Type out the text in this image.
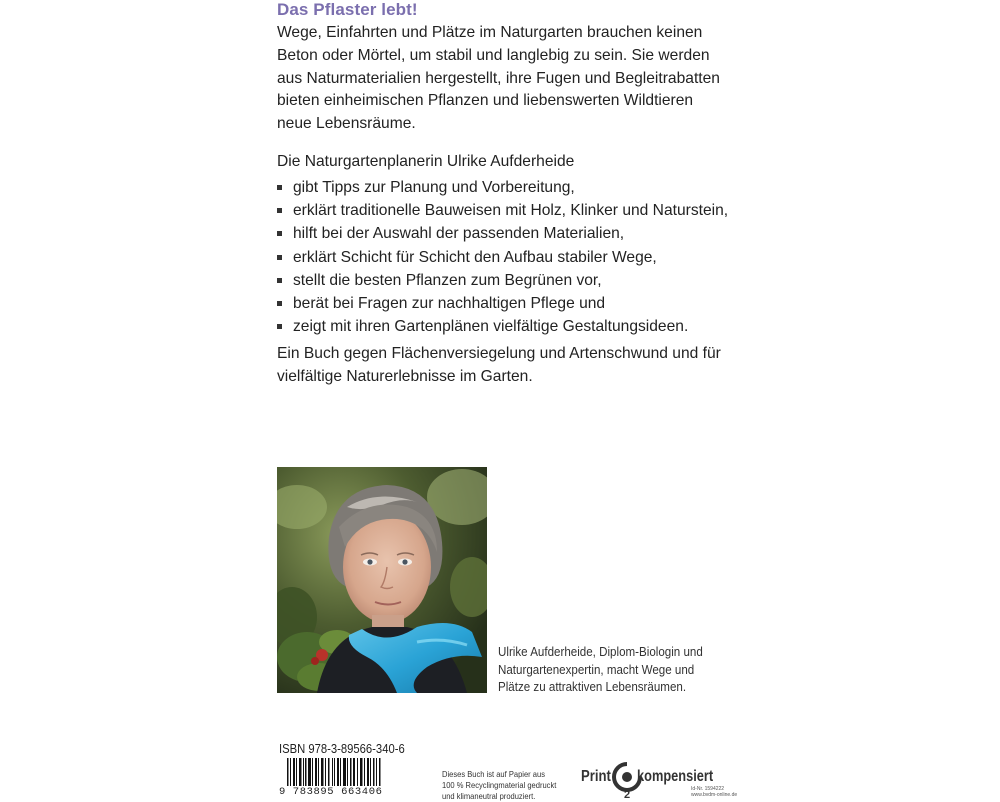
Das Pflaster lebt!
Wege, Einfahrten und Plätze im Naturgarten brauchen keinen
Beton oder Mörtel, um stabil und langlebig zu sein. Sie werden
aus Naturmaterialien hergestellt, ihre Fugen und Begleitrabatten
bieten einheimischen Pflanzen und liebenswerten Wildtieren
neue Lebensräume.
Die Naturgartenplanerin Ulrike Aufderheide
gibt Tipps zur Planung und Vorbereitung,
erklärt traditionelle Bauweisen mit Holz, Klinker und Naturstein,
hilft bei der Auswahl der passenden Materialien,
erklärt Schicht für Schicht den Aufbau stabiler Wege,
stellt die besten Pflanzen zum Begrünen vor,
berät bei Fragen zur nachhaltigen Pflege und
zeigt mit ihren Gartenplänen vielfältige Gestaltungsideen.
Ein Buch gegen Flächenversiegelung und Artenschwund und für
vielfältige Naturerlebnisse im Garten.
Ulrike Aufderheide, Diplom-Biologin und
Naturgartenexpertin, macht Wege und
Plätze zu attraktiven Lebensräumen.
ISBN 978-3-89566-340-6
9 783895 663406
Dieses Buch ist auf Papier aus
100 % Recyclingmaterial gedruckt
und klimaneutral produziert.
Print
2
kompensiert
Id-Nr. 1594222
www.bvdm-online.de
